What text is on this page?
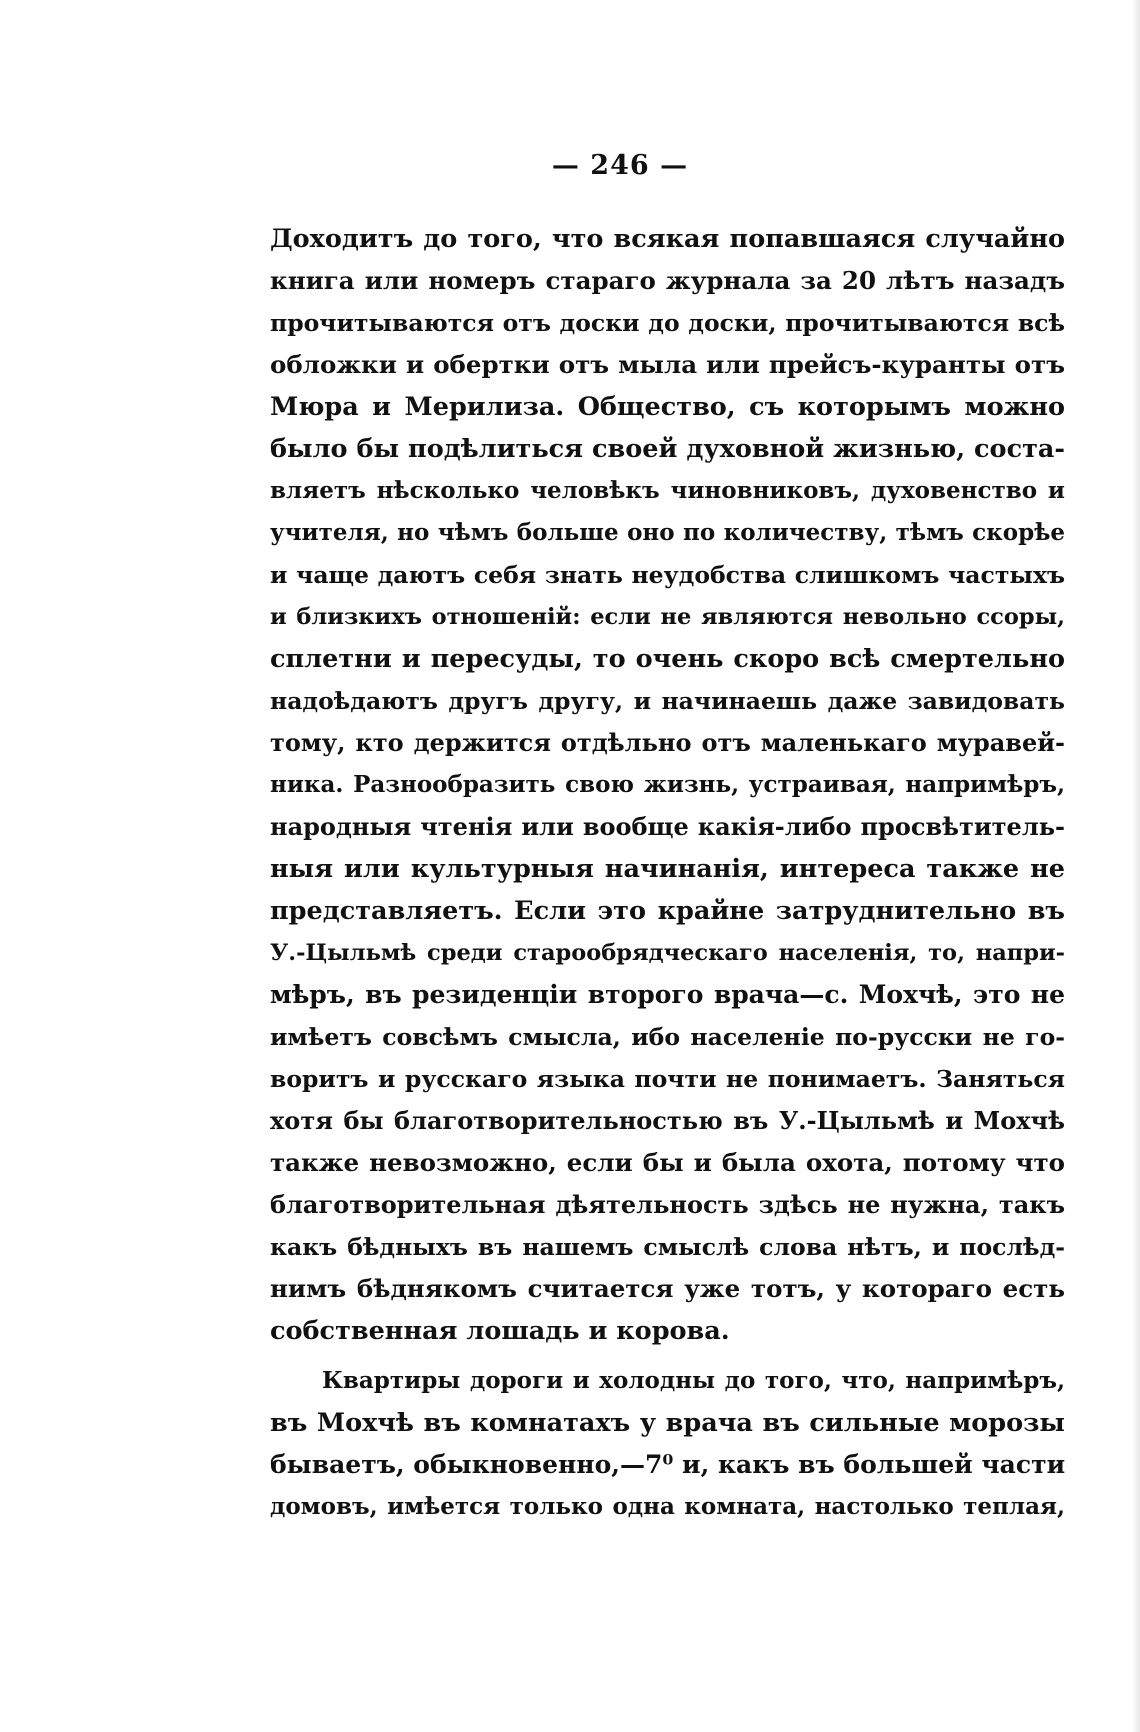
— 246 —
Доходитъ до того, что всякая попавшаяся случайно
книга или номеръ стараго журнала за 20 лѣтъ назадъ
прочитываются отъ доски до доски, прочитываются всѣ
обложки и обертки отъ мыла или прейсъ-куранты отъ
Мюра и Мерилиза. Общество, съ которымъ можно
было бы подѣлиться своей духовной жизнью, соста-
вляетъ нѣсколько человѣкъ чиновниковъ, духовенство и
учителя, но чѣмъ больше оно по количеству, тѣмъ скорѣе
и чаще даютъ себя знать неудобства слишкомъ частыхъ
и близкихъ отношеній: если не являются невольно ссоры,
сплетни и пересуды, то очень скоро всѣ смертельно
надоѣдаютъ другъ другу, и начинаешь даже завидовать
тому, кто держится отдѣльно отъ маленькаго муравей-
ника. Разнообразить свою жизнь, устраивая, напримѣръ,
народныя чтенія или вообще какія-либо просвѣтитель-
ныя или культурныя начинанія, интереса также не
представляетъ. Если это крайне затруднительно въ
У.-Цыльмѣ среди старообрядческаго населенія, то, напри-
мѣръ, въ резиденціи второго врача—с. Мохчѣ, это не
имѣетъ совсѣмъ смысла, ибо населеніе по-русски не го-
воритъ и русскаго языка почти не понимаетъ. Заняться
хотя бы благотворительностью въ У.-Цыльмѣ и Мохчѣ
также невозможно, если бы и была охота, потому что
благотворительная дѣятельность здѣсь не нужна, такъ
какъ бѣдныхъ въ нашемъ смыслѣ слова нѣтъ, и послѣд-
нимъ бѣднякомъ считается уже тотъ, у котораго есть
собственная лошадь и корова.
Квартиры дороги и холодны до того, что, напримѣръ,
въ Мохчѣ въ комнатахъ у врача въ сильные морозы
бываетъ, обыкновенно,—7⁰ и, какъ въ большей части
домовъ, имѣется только одна комната, настолько теплая,
